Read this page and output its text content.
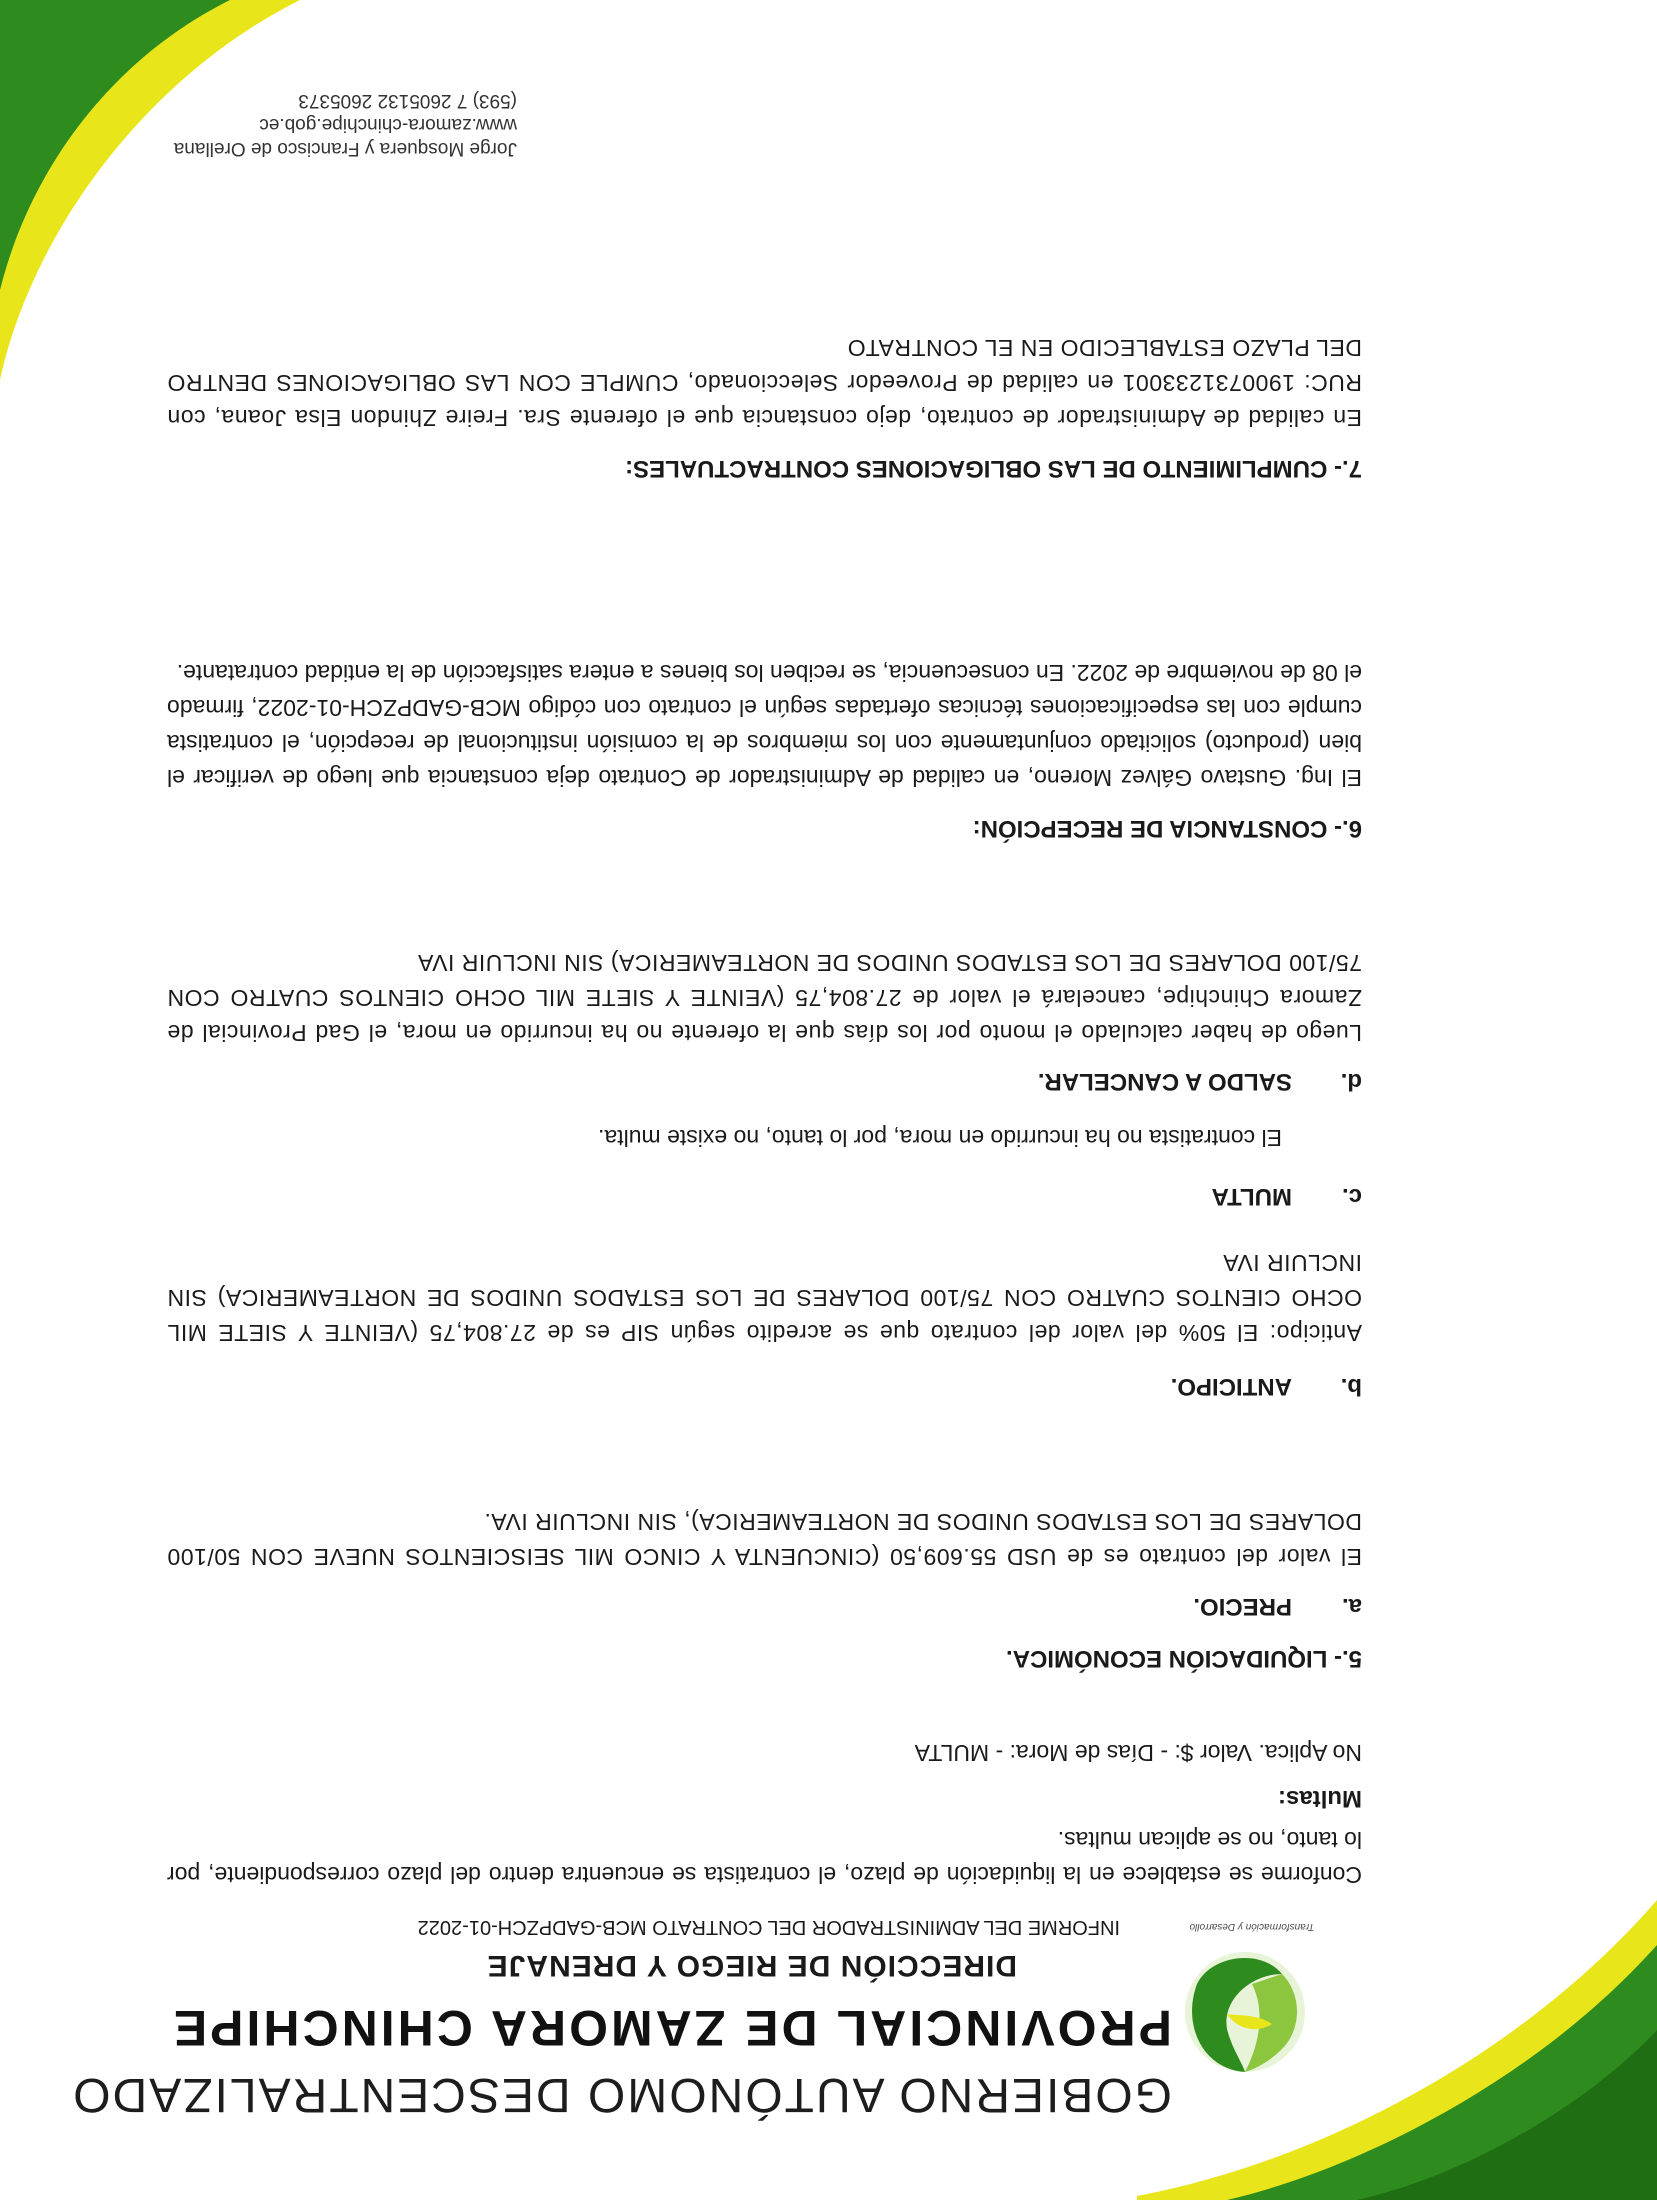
Transformación y Desarrollo
GOBIERNO AUTÓNOMO DESCENTRALIZADO
PROVINCIAL DE ZAMORA CHINCHIPE
DIRECCIÓN DE RIEGO Y DRENAJE
INFORME DEL ADMINISTRADOR DEL CONTRATO MCB-GADPZCH-01-2022
Conforme se establece en la liquidación de plazo, el contratista se encuentra dentro del plazo correspondiente, por lo tanto, no se aplican multas.
Multas:
No Aplica. Valor $: - Días de Mora: - MULTA
5.- LIQUIDACIÓN ECONÓMICA.
a.PRECIO.
El valor del contrato es de USD 55.609,50 (CINCUENTA Y CINCO MIL SEISCIENTOS NUEVE CON 50/100 DOLARES DE LOS ESTADOS UNIDOS DE NORTEAMERICA), SIN INCLUIR IVA.
b.ANTICIPO.
Anticipo: El 50% del valor del contrato que se acredito según SIP es de 27.804,75 (VEINTE Y SIETE MIL OCHO CIENTOS CUATRO CON 75/100 DOLARES DE LOS ESTADOS UNIDOS DE NORTEAMERICA) SIN INCLUIR IVA
c.MULTA
El contratista no ha incurrido en mora, por lo tanto, no existe multa.
d.SALDO A CANCELAR.
Luego de haber calculado el monto por los días que la oferente no ha incurrido en mora, el Gad Provincial de Zamora Chinchipe, cancelará el valor de 27.804,75 (VEINTE Y SIETE MIL OCHO CIENTOS CUATRO CON 75/100 DOLARES DE LOS ESTADOS UNIDOS DE NORTEAMERICA) SIN INCLUIR IVA
6.- CONSTANCIA DE RECEPCIÓN:
El Ing. Gustavo Gálvez Moreno, en calidad de Administrador de Contrato deja constancia que luego de verificar el bien (producto) solicitado conjuntamente con los miembros de la comisión institucional de recepción, el contratista cumple con las especificaciones técnicas ofertadas según el contrato con código MCB-GADPZCH-01-2022, firmado el 08 de noviembre de 2022. En consecuencia, se reciben los bienes a entera satisfacción de la entidad contratante.
7.- CUMPLIMIENTO DE LAS OBLIGACIONES CONTRACTUALES:
En calidad de Administrador de contrato, dejo constancia que el oferente Sra. Freire Zhindon Elsa Joana, con RUC: 1900731233001 en calidad de Proveedor Seleccionado, CUMPLE CON LAS OBLIGACIONES DENTRO DEL PLAZO ESTABLECIDO EN EL CONTRATO
Jorge Mosquera y Francisco de Orellana
www.zamora-chinchipe.gob.ec
(593) 7 2605132 2605373
